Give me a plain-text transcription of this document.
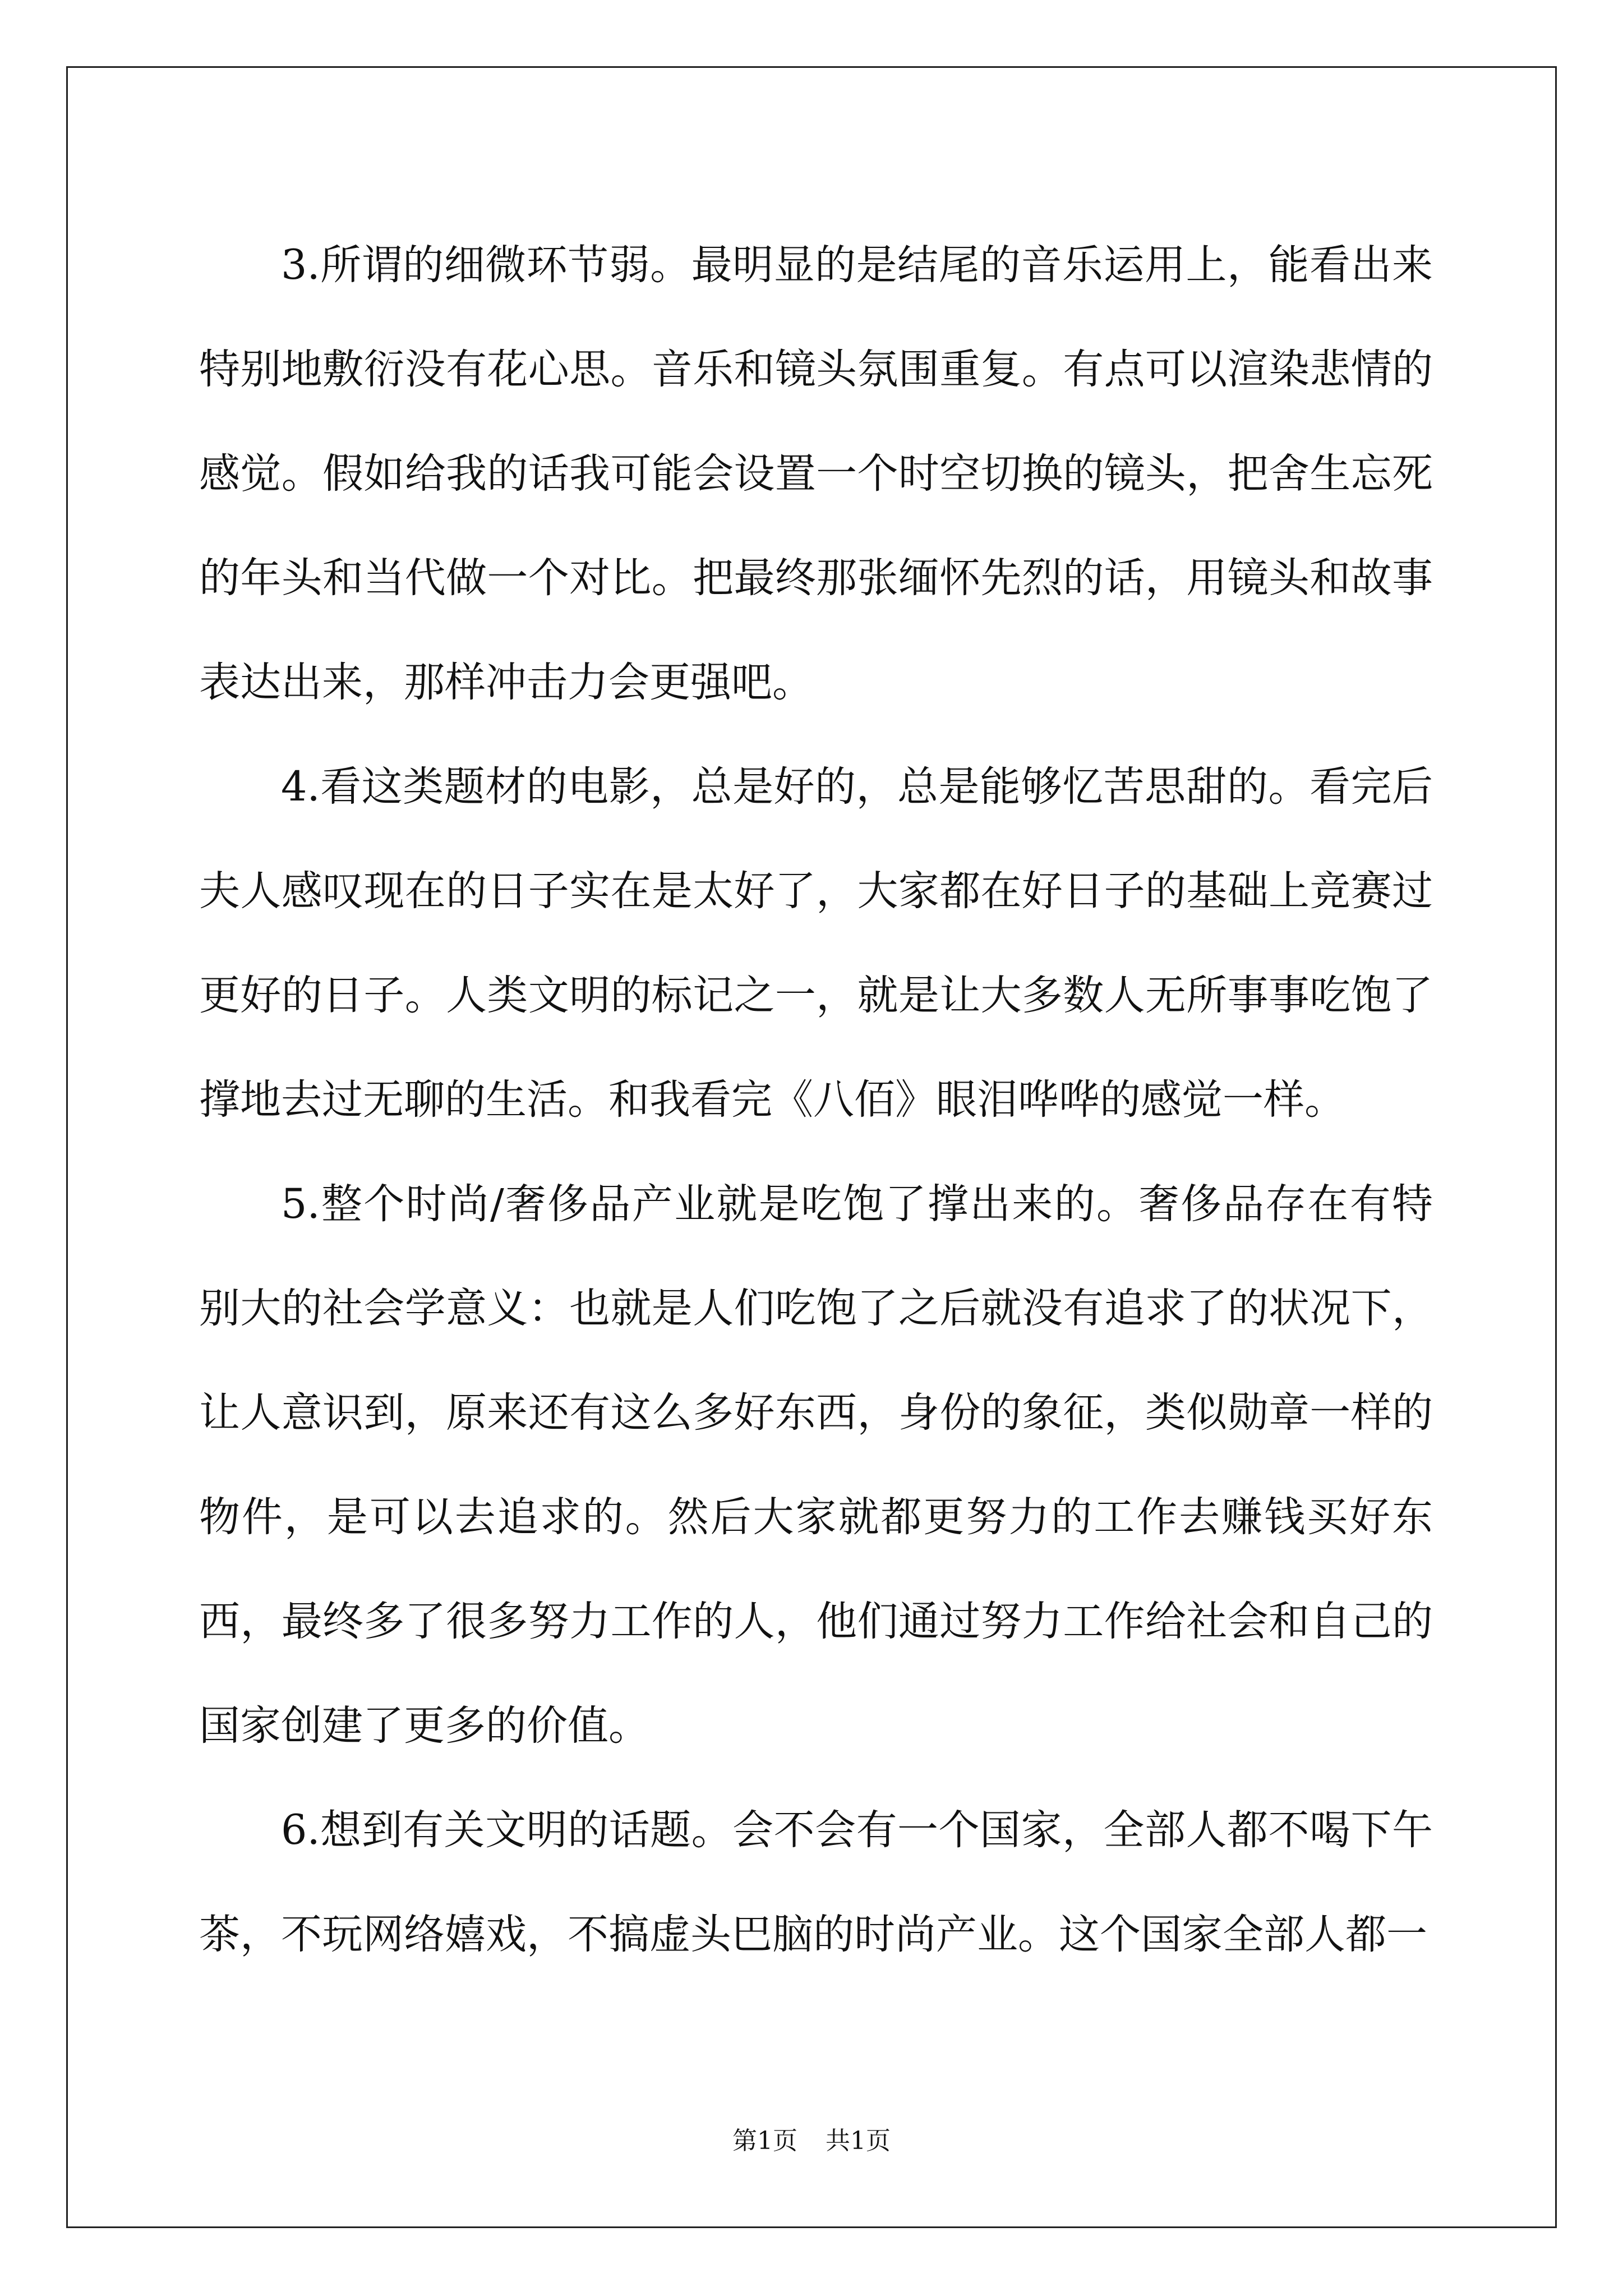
3.所谓的细微环节弱。最明显的是结尾的音乐运用上，能看出来特别地敷衍没有花心思。音乐和镜头氛围重复。有点可以渲染悲情的感觉。假如给我的话我可能会设置一个时空切换的镜头，把舍生忘死的年头和当代做一个对比。把最终那张缅怀先烈的话，用镜头和故事表达出来，那样冲击力会更强吧。

4.看这类题材的电影，总是好的，总是能够忆苦思甜的。看完后夫人感叹现在的日子实在是太好了，大家都在好日子的基础上竞赛过更好的日子。人类文明的标记之一，就是让大多数人无所事事吃饱了撑地去过无聊的生活。和我看完《八佰》眼泪哗哗的感觉一样。

5.整个时尚/奢侈品产业就是吃饱了撑出来的。奢侈品存在有特别大的社会学意义：也就是人们吃饱了之后就没有追求了的状况下，让人意识到，原来还有这么多好东西，身份的象征，类似勋章一样的物件，是可以去追求的。然后大家就都更努力的工作去赚钱买好东西，最终多了很多努力工作的人，他们通过努力工作给社会和自己的国家创建了更多的价值。

6.想到有关文明的话题。会不会有一个国家，全部人都不喝下午茶，不玩网络嬉戏，不搞虚头巴脑的时尚产业。这个国家全部人都一

第1页 共1页
